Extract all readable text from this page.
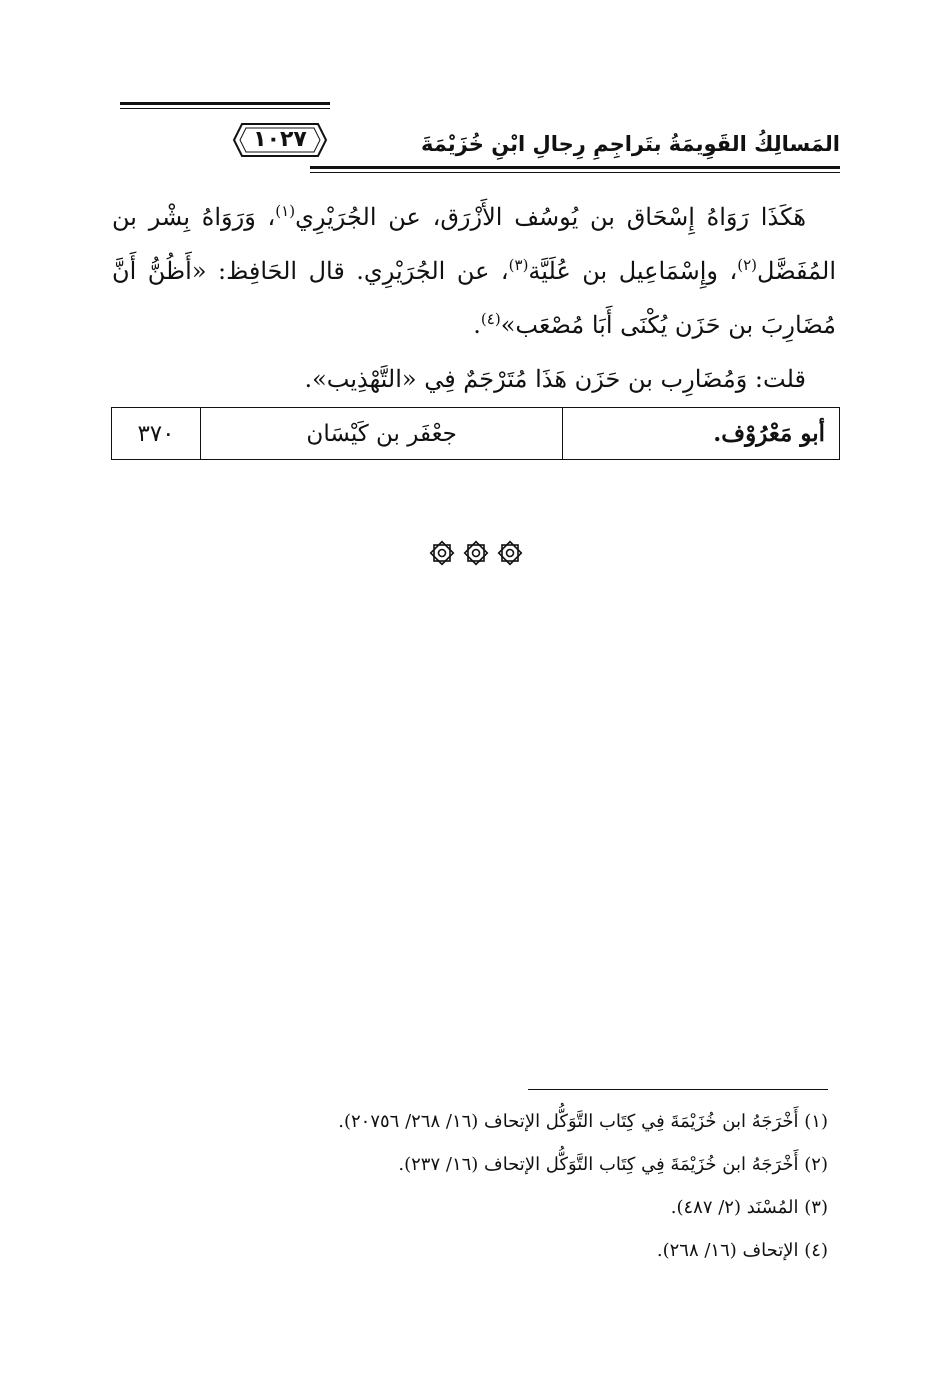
١٠٢٧	المَسالِكُ القَوِيمَةُ بتَراجِمِ رِجالِ ابْنِ خُزَيْمَةَ

هَكَذَا رَوَاهُ إِسْحَاق بن يُوسُف الأَزْرَق، عن الجُرَيْرِي$^{(١)}$، وَرَوَاهُ بِشْر بن المُفَضَّل$^{(٢)}$، وإِسْمَاعِيل بن عُلَيَّة$^{(٣)}$، عن الجُرَيْرِي. قال الحَافِظ: «أَظُنُّ أَنَّ مُضَارِبَ بن حَزَن يُكْنَى أَبَا مُصْعَب»$^{(٤)}$.

قلت: وَمُضَارِب بن حَزَن هَذَا مُتَرْجَمٌ فِي «التَّهْذِيب».

أبو مَعْرُوْف.	جعْفَر بن كَيْسَان	٣٧٠
(١) أَخْرَجَهُ ابن خُزَيْمَةَ فِي كِتَاب التَّوَكُّل الإتحاف (١٦/ ٢٦٨/ ٢٠٧٥٦).
(٢) أَخْرَجَهُ ابن خُزَيْمَةَ فِي كِتَاب التَّوَكُّل الإتحاف (١٦/ ٢٣٧).
(٣) المُسْنَد (٢/ ٤٨٧).
(٤) الإتحاف (١٦/ ٢٦٨).
